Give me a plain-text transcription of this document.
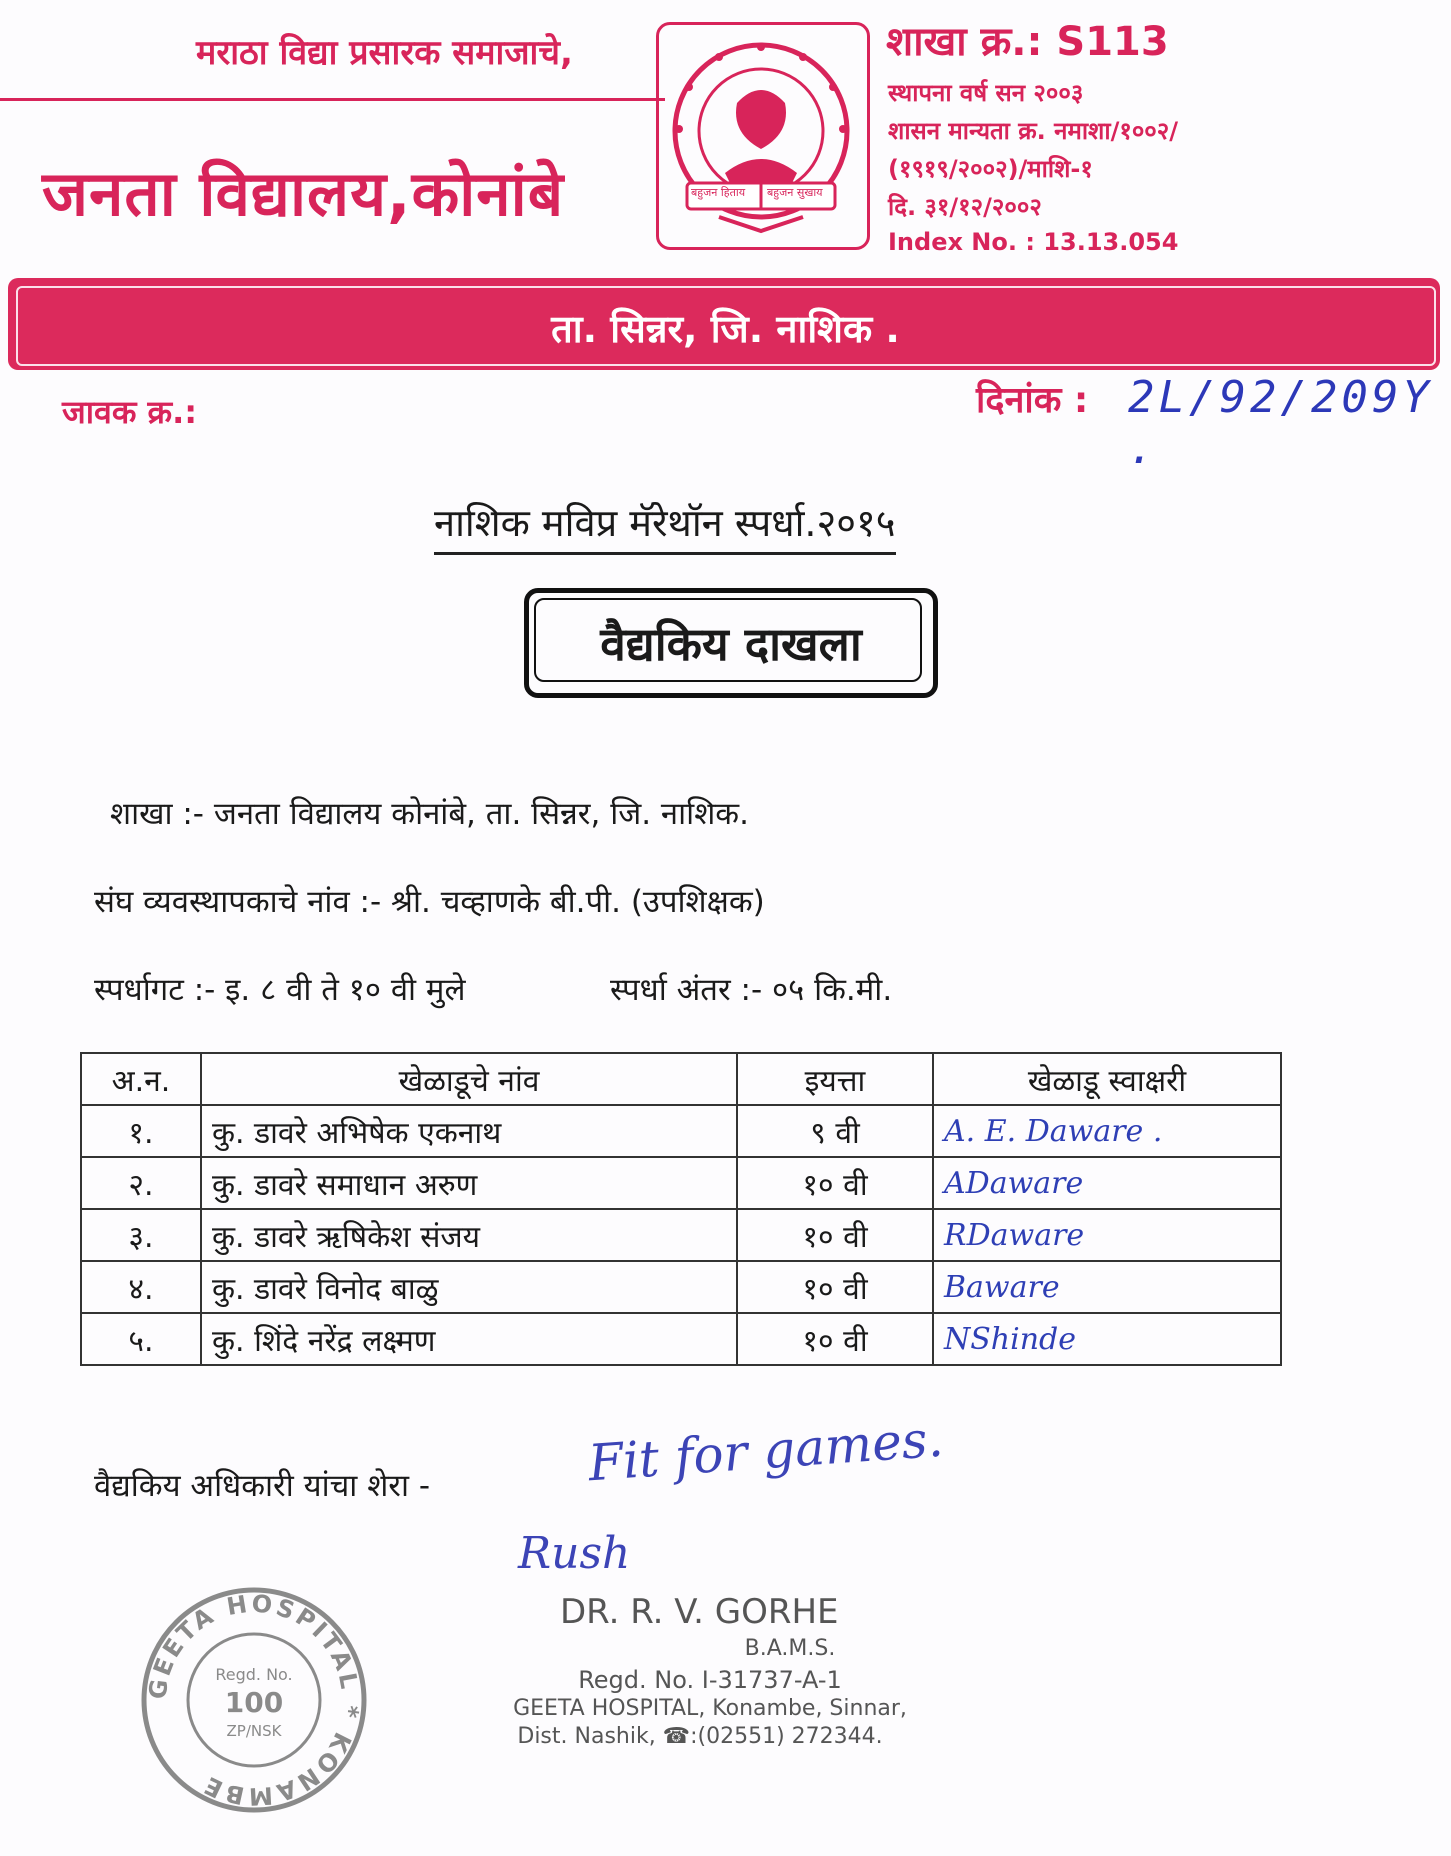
मराठा विद्या प्रसारक समाजाचे,
जनता विद्यालय,कोनांबे	बहुजन हिताय बहुजन सुखाय
शाखा क्र.: S113
स्थापना वर्ष सन २००३
शासन मान्यता क्र. नमाशा/१००२/
(१९१९/२००२)/माशि-१
दि. ३१/१२/२००२
Index No. : 13.13.054
ता. सिन्नर, जि. नाशिक .
जावक क्र.:	दिनांक : 2L/92/209Y .
नाशिक मविप्र मॅरेथॉन स्पर्धा.२०१५
वैद्यकिय दाखला
शाखा :- जनता विद्यालय कोनांबे, ता. सिन्नर, जि. नाशिक.
संघ व्यवस्थापकाचे नांव :- श्री. चव्हाणके बी.पी. (उपशिक्षक)
स्पर्धागट :- इ. ८ वी ते १० वी मुले	स्पर्धा अंतर :- ०५ कि.मी.
अ.न.	खेळाडूचे नांव	इयत्ता	खेळाडू स्वाक्षरी
१.	कु. डावरे अभिषेक एकनाथ	९ वी	A. E. Daware .
२.	कु. डावरे समाधान अरुण	१० वी	ADaware
३.	कु. डावरे ऋषिकेश संजय	१० वी	RDaware
४.	कु. डावरे विनोद बाळु	१० वी	Baware
५.	कु. शिंदे नरेंद्र लक्ष्मण	१० वी	NShinde
वैद्यकिय अधिकारी यांचा शेरा -	Fit for games.
Rush
DR. R. V. GORHE
B.A.M.S.
Regd. No. I-31737-A-1
GEETA HOSPITAL, Konambe, Sinnar,
Dist. Nashik, ☎:(02551) 272344.
GEETA HOSPITAL * KONAMBE
Regd. No.
100
ZP/NSK
